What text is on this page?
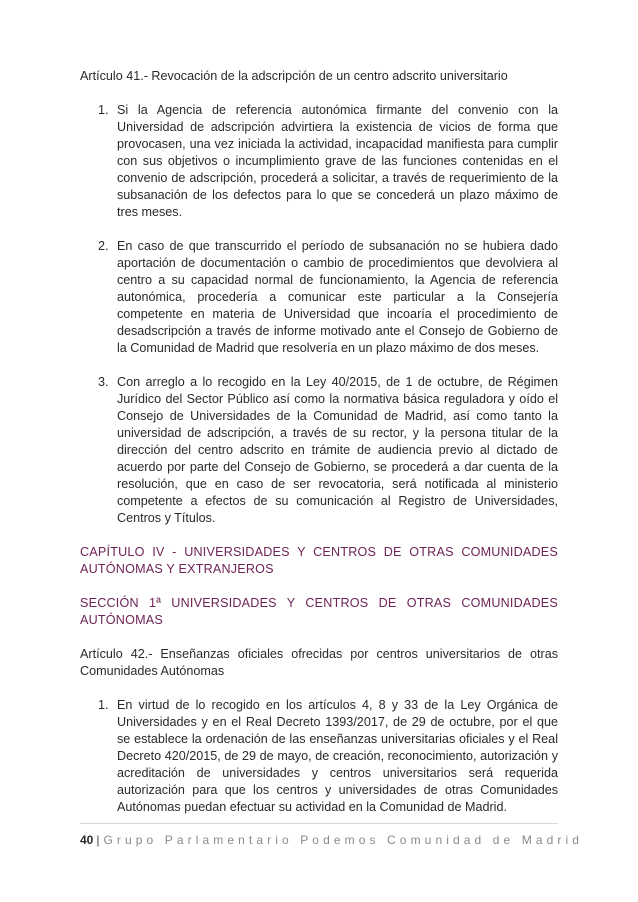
Artículo 41.- Revocación de la adscripción de un centro adscrito universitario

1. Si la Agencia de referencia autonómica firmante del convenio con la Universidad de adscripción advirtiera la existencia de vicios de forma que provocasen, una vez iniciada la actividad, incapacidad manifiesta para cumplir con sus objetivos o incumplimiento grave de las funciones contenidas en el convenio de adscripción, procederá a solicitar, a través de requerimiento de la subsanación de los defectos para lo que se concederá un plazo máximo de tres meses.
2. En caso de que transcurrido el período de subsanación no se hubiera dado aportación de documentación o cambio de procedimientos que devolviera al centro a su capacidad normal de funcionamiento, la Agencia de referencia autonómica, procedería a comunicar este particular a la Consejería competente en materia de Universidad que incoaría el procedimiento de desadscripción a través de informe motivado ante el Consejo de Gobierno de la Comunidad de Madrid que resolvería en un plazo máximo de dos meses.
3. Con arreglo a lo recogido en la Ley 40/2015, de 1 de octubre, de Régimen Jurídico del Sector Público así como la normativa básica reguladora y oído el Consejo de Universidades de la Comunidad de Madrid, así como tanto la universidad de adscripción, a través de su rector, y la persona titular de la dirección del centro adscrito en trámite de audiencia previo al dictado de acuerdo por parte del Consejo de Gobierno, se procederá a dar cuenta de la resolución, que en caso de ser revocatoria, será notificada al ministerio competente a efectos de su comunicación al Registro de Universidades, Centros y Títulos.

CAPÍTULO IV - UNIVERSIDADES Y CENTROS DE OTRAS COMUNIDADES AUTÓNOMAS Y EXTRANJEROS

SECCIÓN 1ª UNIVERSIDADES Y CENTROS DE OTRAS COMUNIDADES AUTÓNOMAS

Artículo 42.- Enseñanzas oficiales ofrecidas por centros universitarios de otras Comunidades Autónomas

1. En virtud de lo recogido en los artículos 4, 8 y 33 de la Ley Orgánica de Universidades y en el Real Decreto 1393/2017, de 29 de octubre, por el que se establece la ordenación de las enseñanzas universitarias oficiales y el Real Decreto 420/2015, de 29 de mayo, de creación, reconocimiento, autorización y acreditación de universidades y centros universitarios será requerida autorización para que los centros y universidades de otras Comunidades Autónomas puedan efectuar su actividad en la Comunidad de Madrid.
40 | Grupo Parlamentario Podemos Comunidad de Madrid
